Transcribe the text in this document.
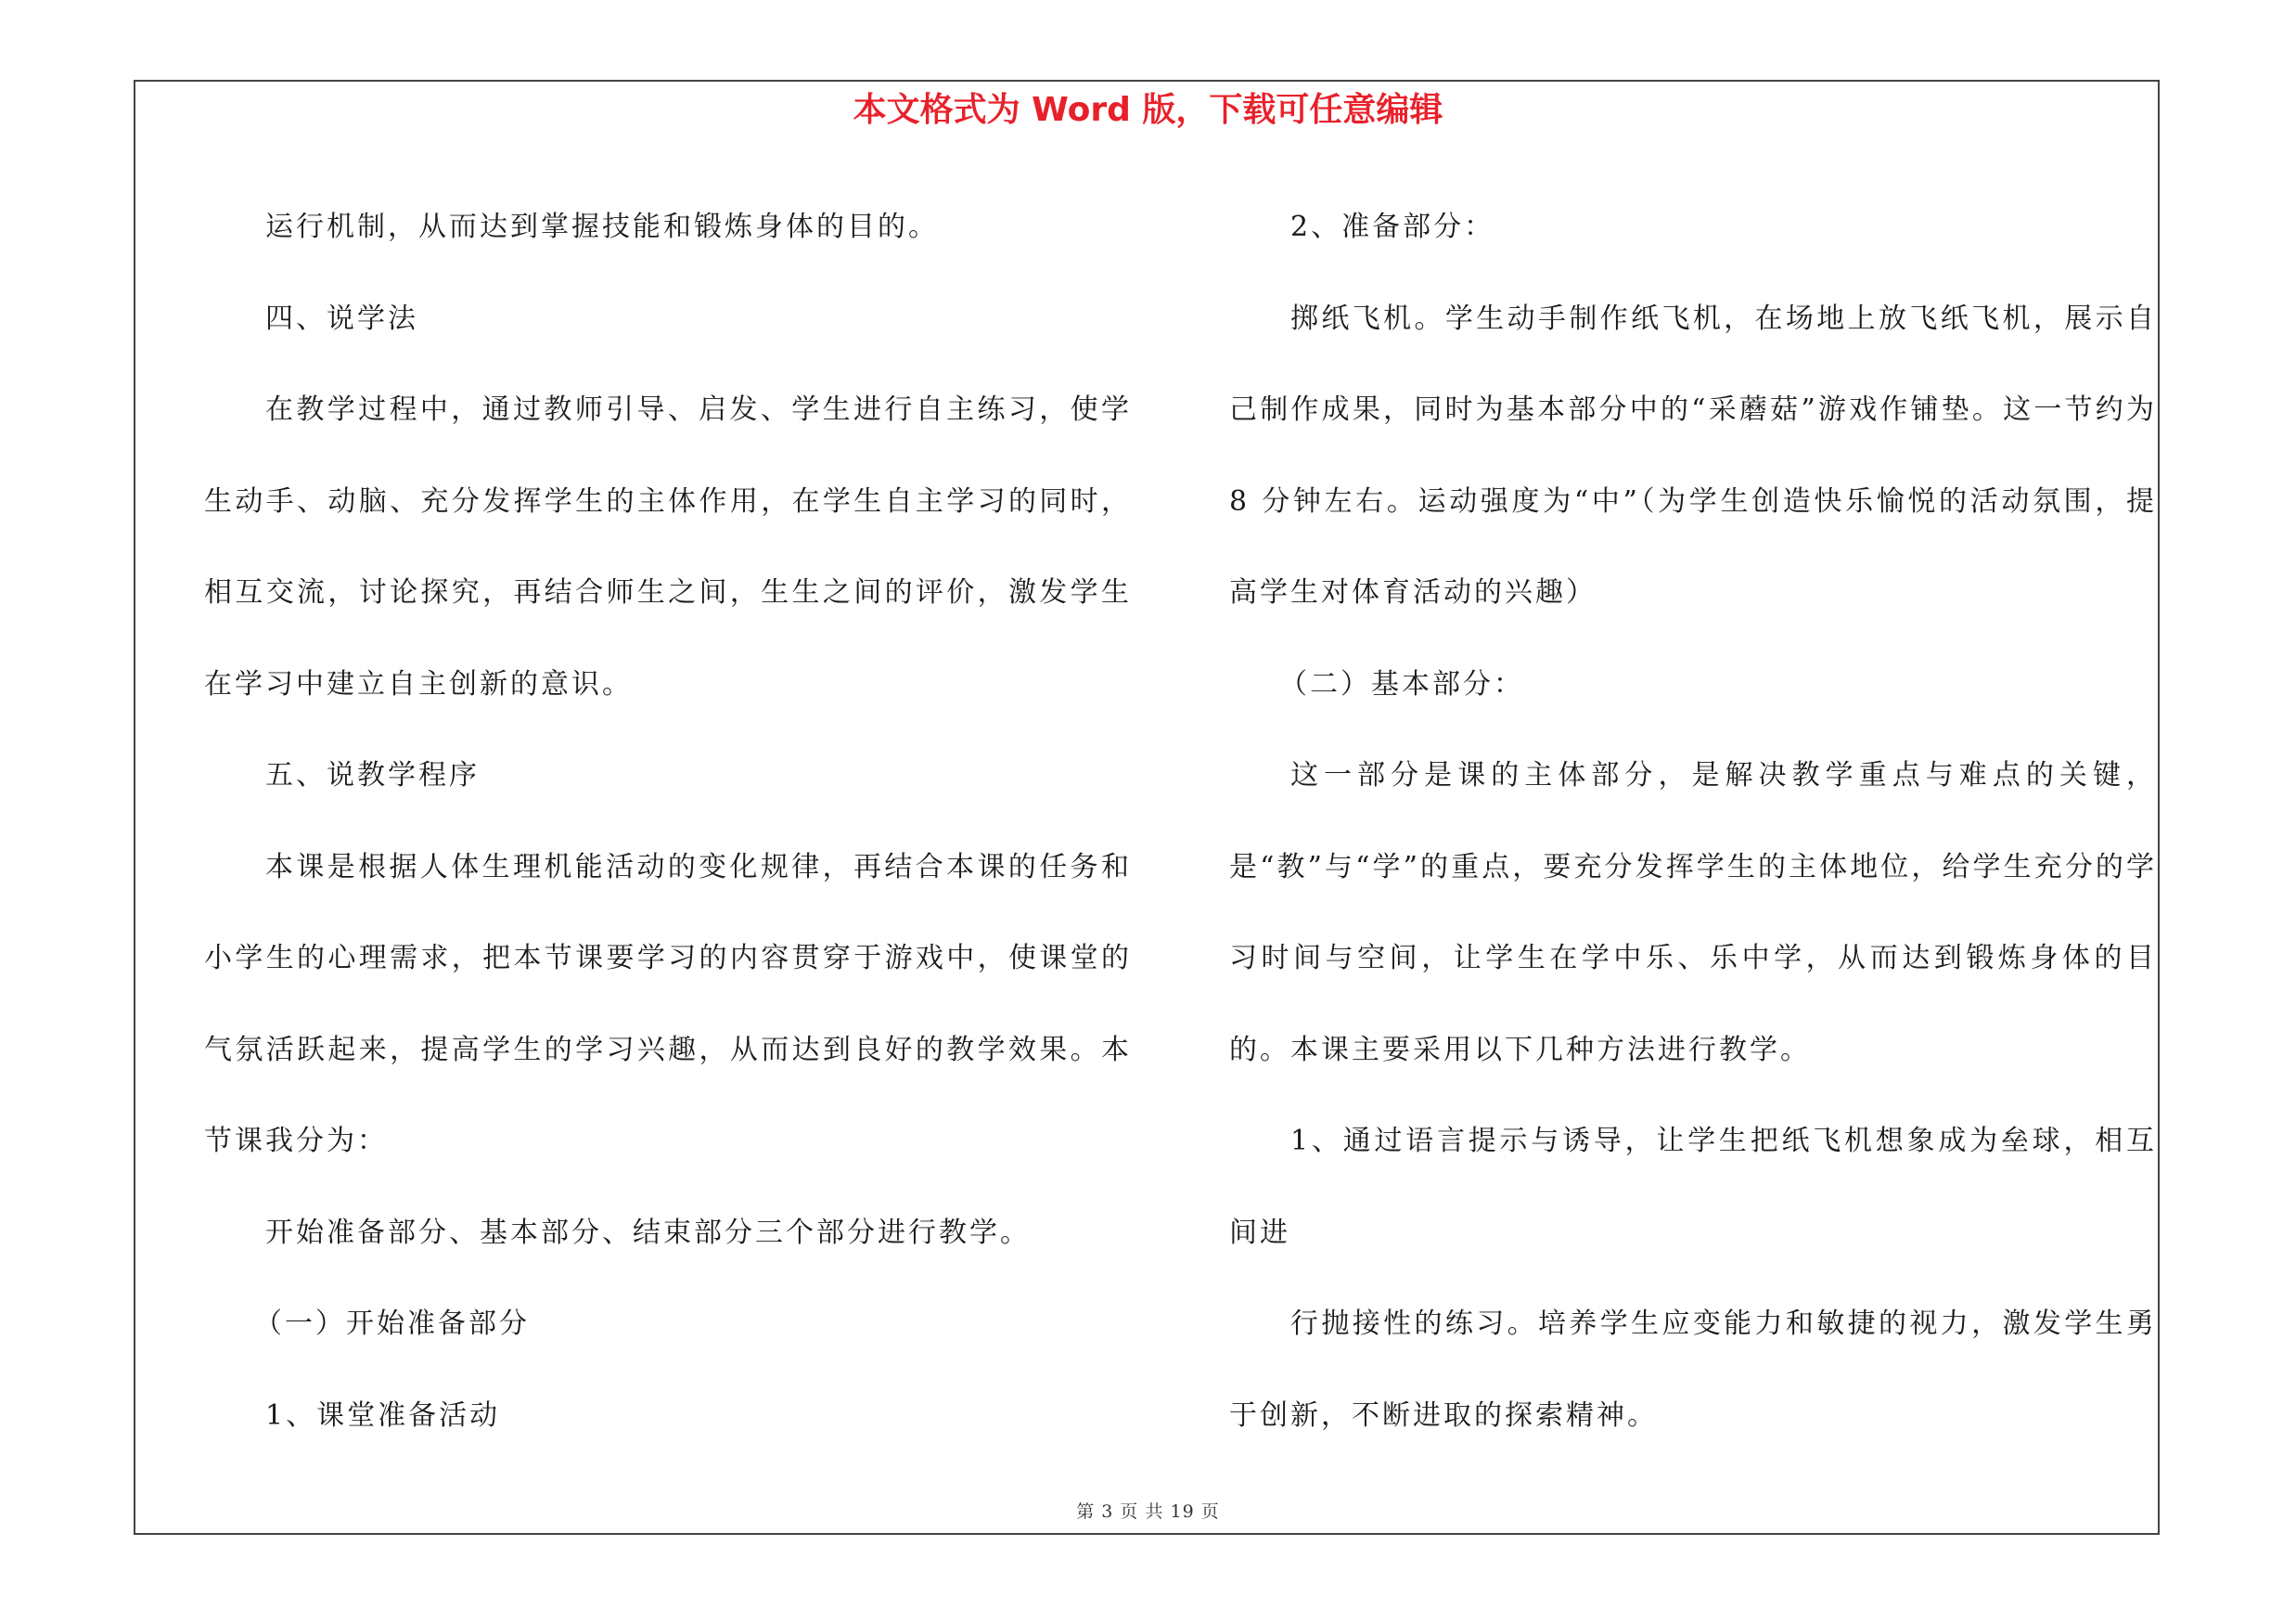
本文格式为 Word 版，下载可任意编辑

运行机制，从而达到掌握技能和锻炼身体的目的。

四、说学法

在教学过程中，通过教师引导、启发、学生进行自主练习，使学生动手、动脑、充分发挥学生的主体作用，在学生自主学习的同时，相互交流，讨论探究，再结合师生之间，生生之间的评价，激发学生在学习中建立自主创新的意识。

五、说教学程序

本课是根据人体生理机能活动的变化规律，再结合本课的任务和小学生的心理需求，把本节课要学习的内容贯穿于游戏中，使课堂的气氛活跃起来，提高学生的学习兴趣，从而达到良好的教学效果。本节课我分为：

开始准备部分、基本部分、结束部分三个部分进行教学。

（一）开始准备部分

1、课堂准备活动

2、准备部分：

掷纸飞机。学生动手制作纸飞机，在场地上放飞纸飞机，展示自己制作成果，同时为基本部分中的“采蘑菇”游戏作铺垫。这一节约为 8 分钟左右。运动强度为“中”（为学生创造快乐愉悦的活动氛围，提高学生对体育活动的兴趣）

（二）基本部分：

这一部分是课的主体部分，是解决教学重点与难点的关键，是“教”与“学”的重点，要充分发挥学生的主体地位，给学生充分的学习时间与空间，让学生在学中乐、乐中学，从而达到锻炼身体的目的。本课主要采用以下几种方法进行教学。

1、通过语言提示与诱导，让学生把纸飞机想象成为垒球，相互间进

行抛接性的练习。培养学生应变能力和敏捷的视力，激发学生勇于创新，不断进取的探索精神。

第 3 页 共 19 页
